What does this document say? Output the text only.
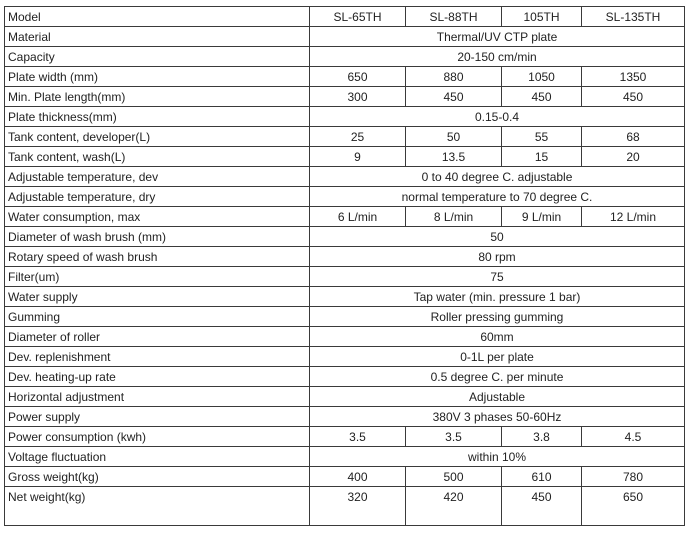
Model	SL-65TH	SL-88TH	105TH	SL-135TH
Material	Thermal/UV CTP plate			
Capacity	20-150 cm/min			
Plate width (mm)	650	880	1050	1350
Min. Plate length(mm)	300	450	450	450
Plate thickness(mm)	0.15-0.4			
Tank content, developer(L)	25	50	55	68
Tank content, wash(L)	9	13.5	15	20
Adjustable temperature, dev	0 to 40 degree C. adjustable			
Adjustable temperature, dry	normal temperature to 70 degree C.			
Water consumption, max	6 L/min	8 L/min	9 L/min	12 L/min
Diameter of wash brush (mm)	50			
Rotary speed of wash brush	80 rpm			
Filter(um)	75			
Water supply	Tap water (min. pressure 1 bar)			
Gumming	Roller pressing gumming			
Diameter of roller	60mm			
Dev. replenishment	0-1L per plate			
Dev. heating-up rate	0.5 degree C. per minute			
Horizontal adjustment	Adjustable			
Power supply	380V 3 phases 50-60Hz			
Power consumption (kwh)	3.5	3.5	3.8	4.5
Voltage fluctuation	within 10%			
Gross weight(kg)	400	500	610	780
Net weight(kg)	320	420	450	650
